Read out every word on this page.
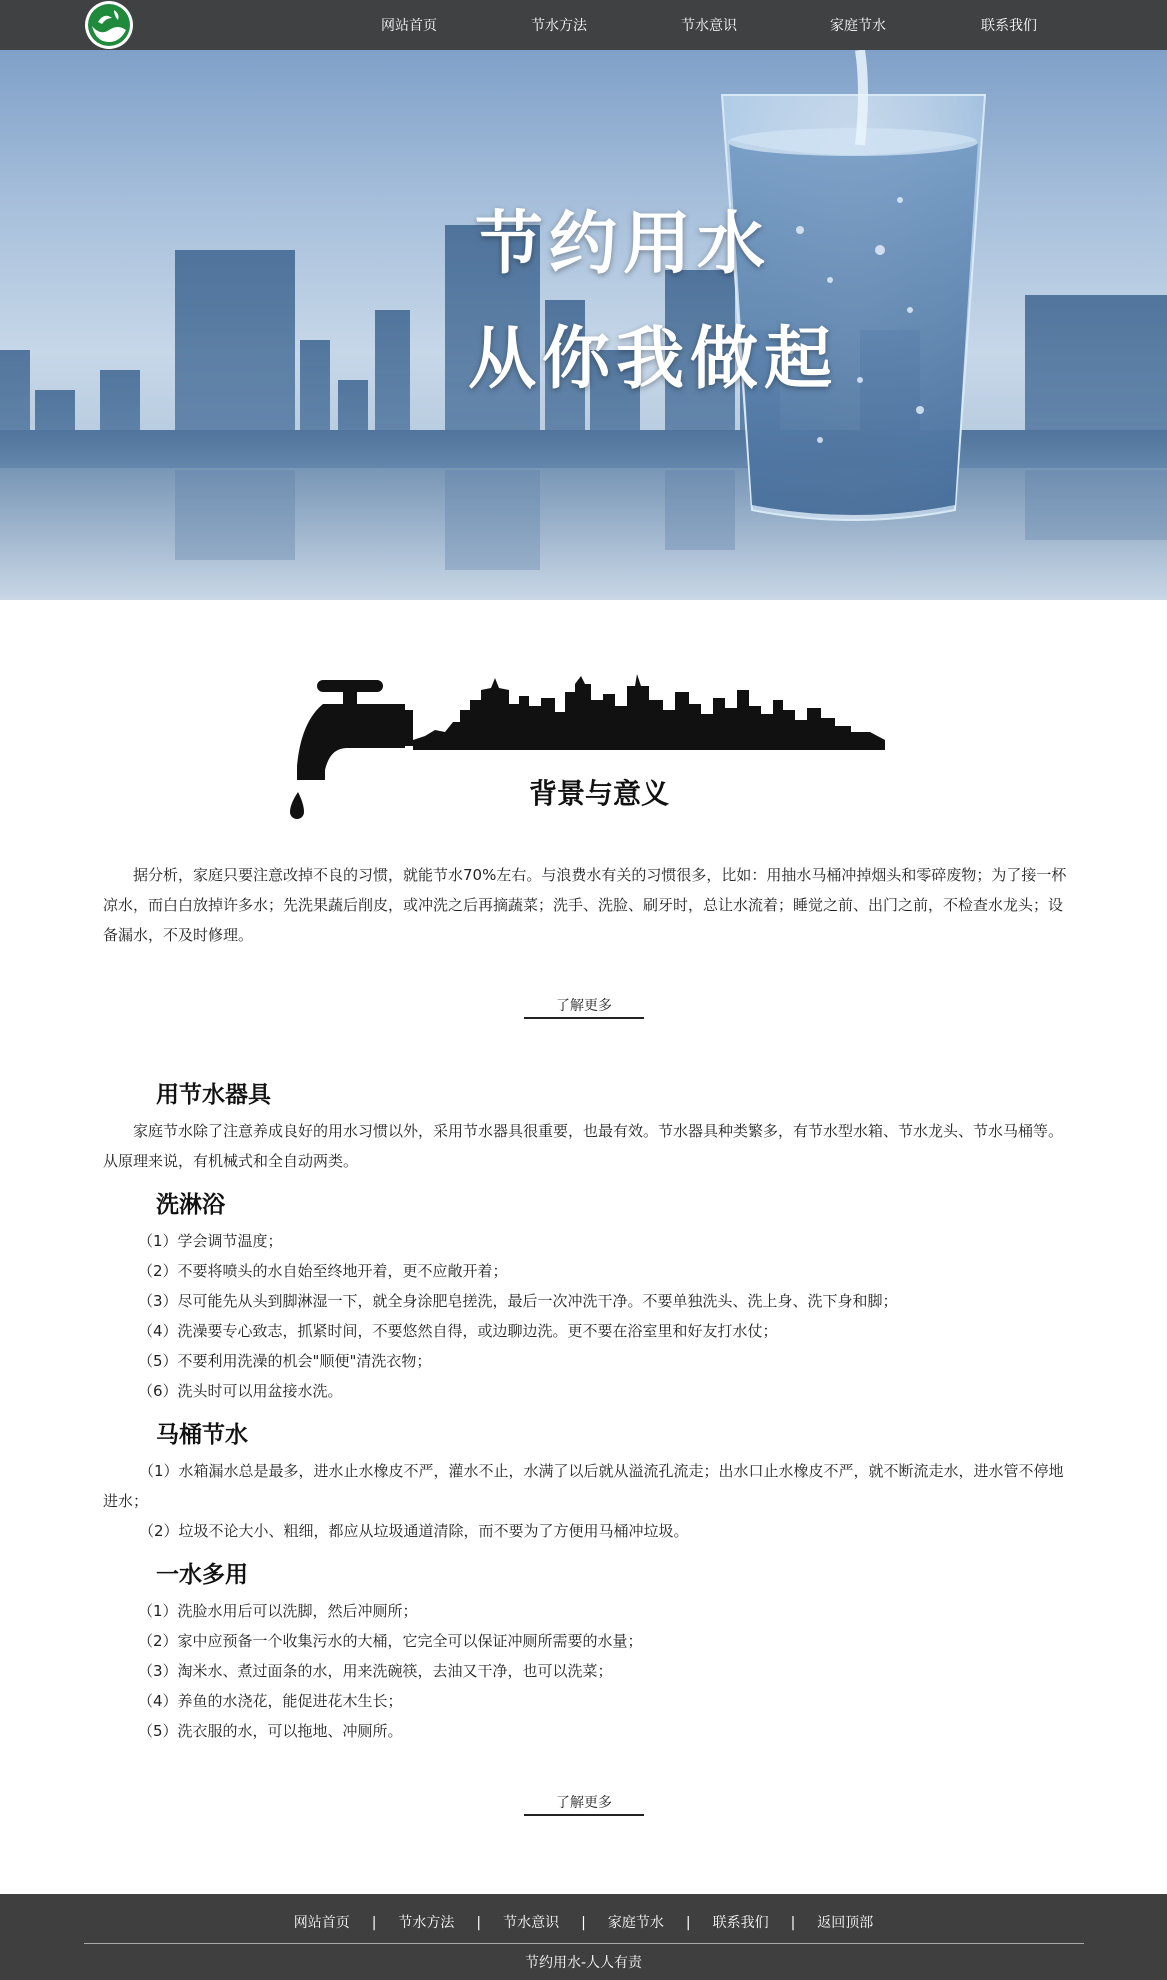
网站首页	节水方法	节水意识	家庭节水	联系我们
节约用水
从你我做起
背景与意义

据分析，家庭只要注意改掉不良的习惯，就能节水70%左右。与浪费水有关的习惯很多，比如：用抽水马桶冲掉烟头和零碎废物；为了接一杯凉水，而白白放掉许多水；先洗果蔬后削皮，或冲洗之后再摘蔬菜；洗手、洗脸、刷牙时，总让水流着；睡觉之前、出门之前，不检查水龙头；设备漏水，不及时修理。

了解更多
用节水器具

家庭节水除了注意养成良好的用水习惯以外，采用节水器具很重要，也最有效。节水器具种类繁多，有节水型水箱、节水龙头、节水马桶等。从原理来说，有机械式和全自动两类。

洗淋浴
（1）学会调节温度；
（2）不要将喷头的水自始至终地开着，更不应敞开着；
（3）尽可能先从头到脚淋湿一下，就全身涂肥皂搓洗，最后一次冲洗干净。不要单独洗头、洗上身、洗下身和脚；
（4）洗澡要专心致志，抓紧时间，不要悠然自得，或边聊边洗。更不要在浴室里和好友打水仗；
（5）不要利用洗澡的机会"顺便"清洗衣物；
（6）洗头时可以用盆接水洗。
马桶节水
（1）水箱漏水总是最多，进水止水橡皮不严，灌水不止，水满了以后就从溢流孔流走；出水口止水橡皮不严，就不断流走水，进水管不停地进水；
（2）垃圾不论大小、粗细，都应从垃圾通道清除，而不要为了方便用马桶冲垃圾。
一水多用
（1）洗脸水用后可以洗脚，然后冲厕所；
（2）家中应预备一个收集污水的大桶，它完全可以保证冲厕所需要的水量；
（3）淘米水、煮过面条的水，用来洗碗筷，去油又干净，也可以洗菜；
（4）养鱼的水浇花，能促进花木生长；
（5）洗衣服的水，可以拖地、冲厕所。
了解更多
网站首页 | 节水方法 | 节水意识 | 家庭节水 | 联系我们 | 返回顶部
节约用水-人人有责
